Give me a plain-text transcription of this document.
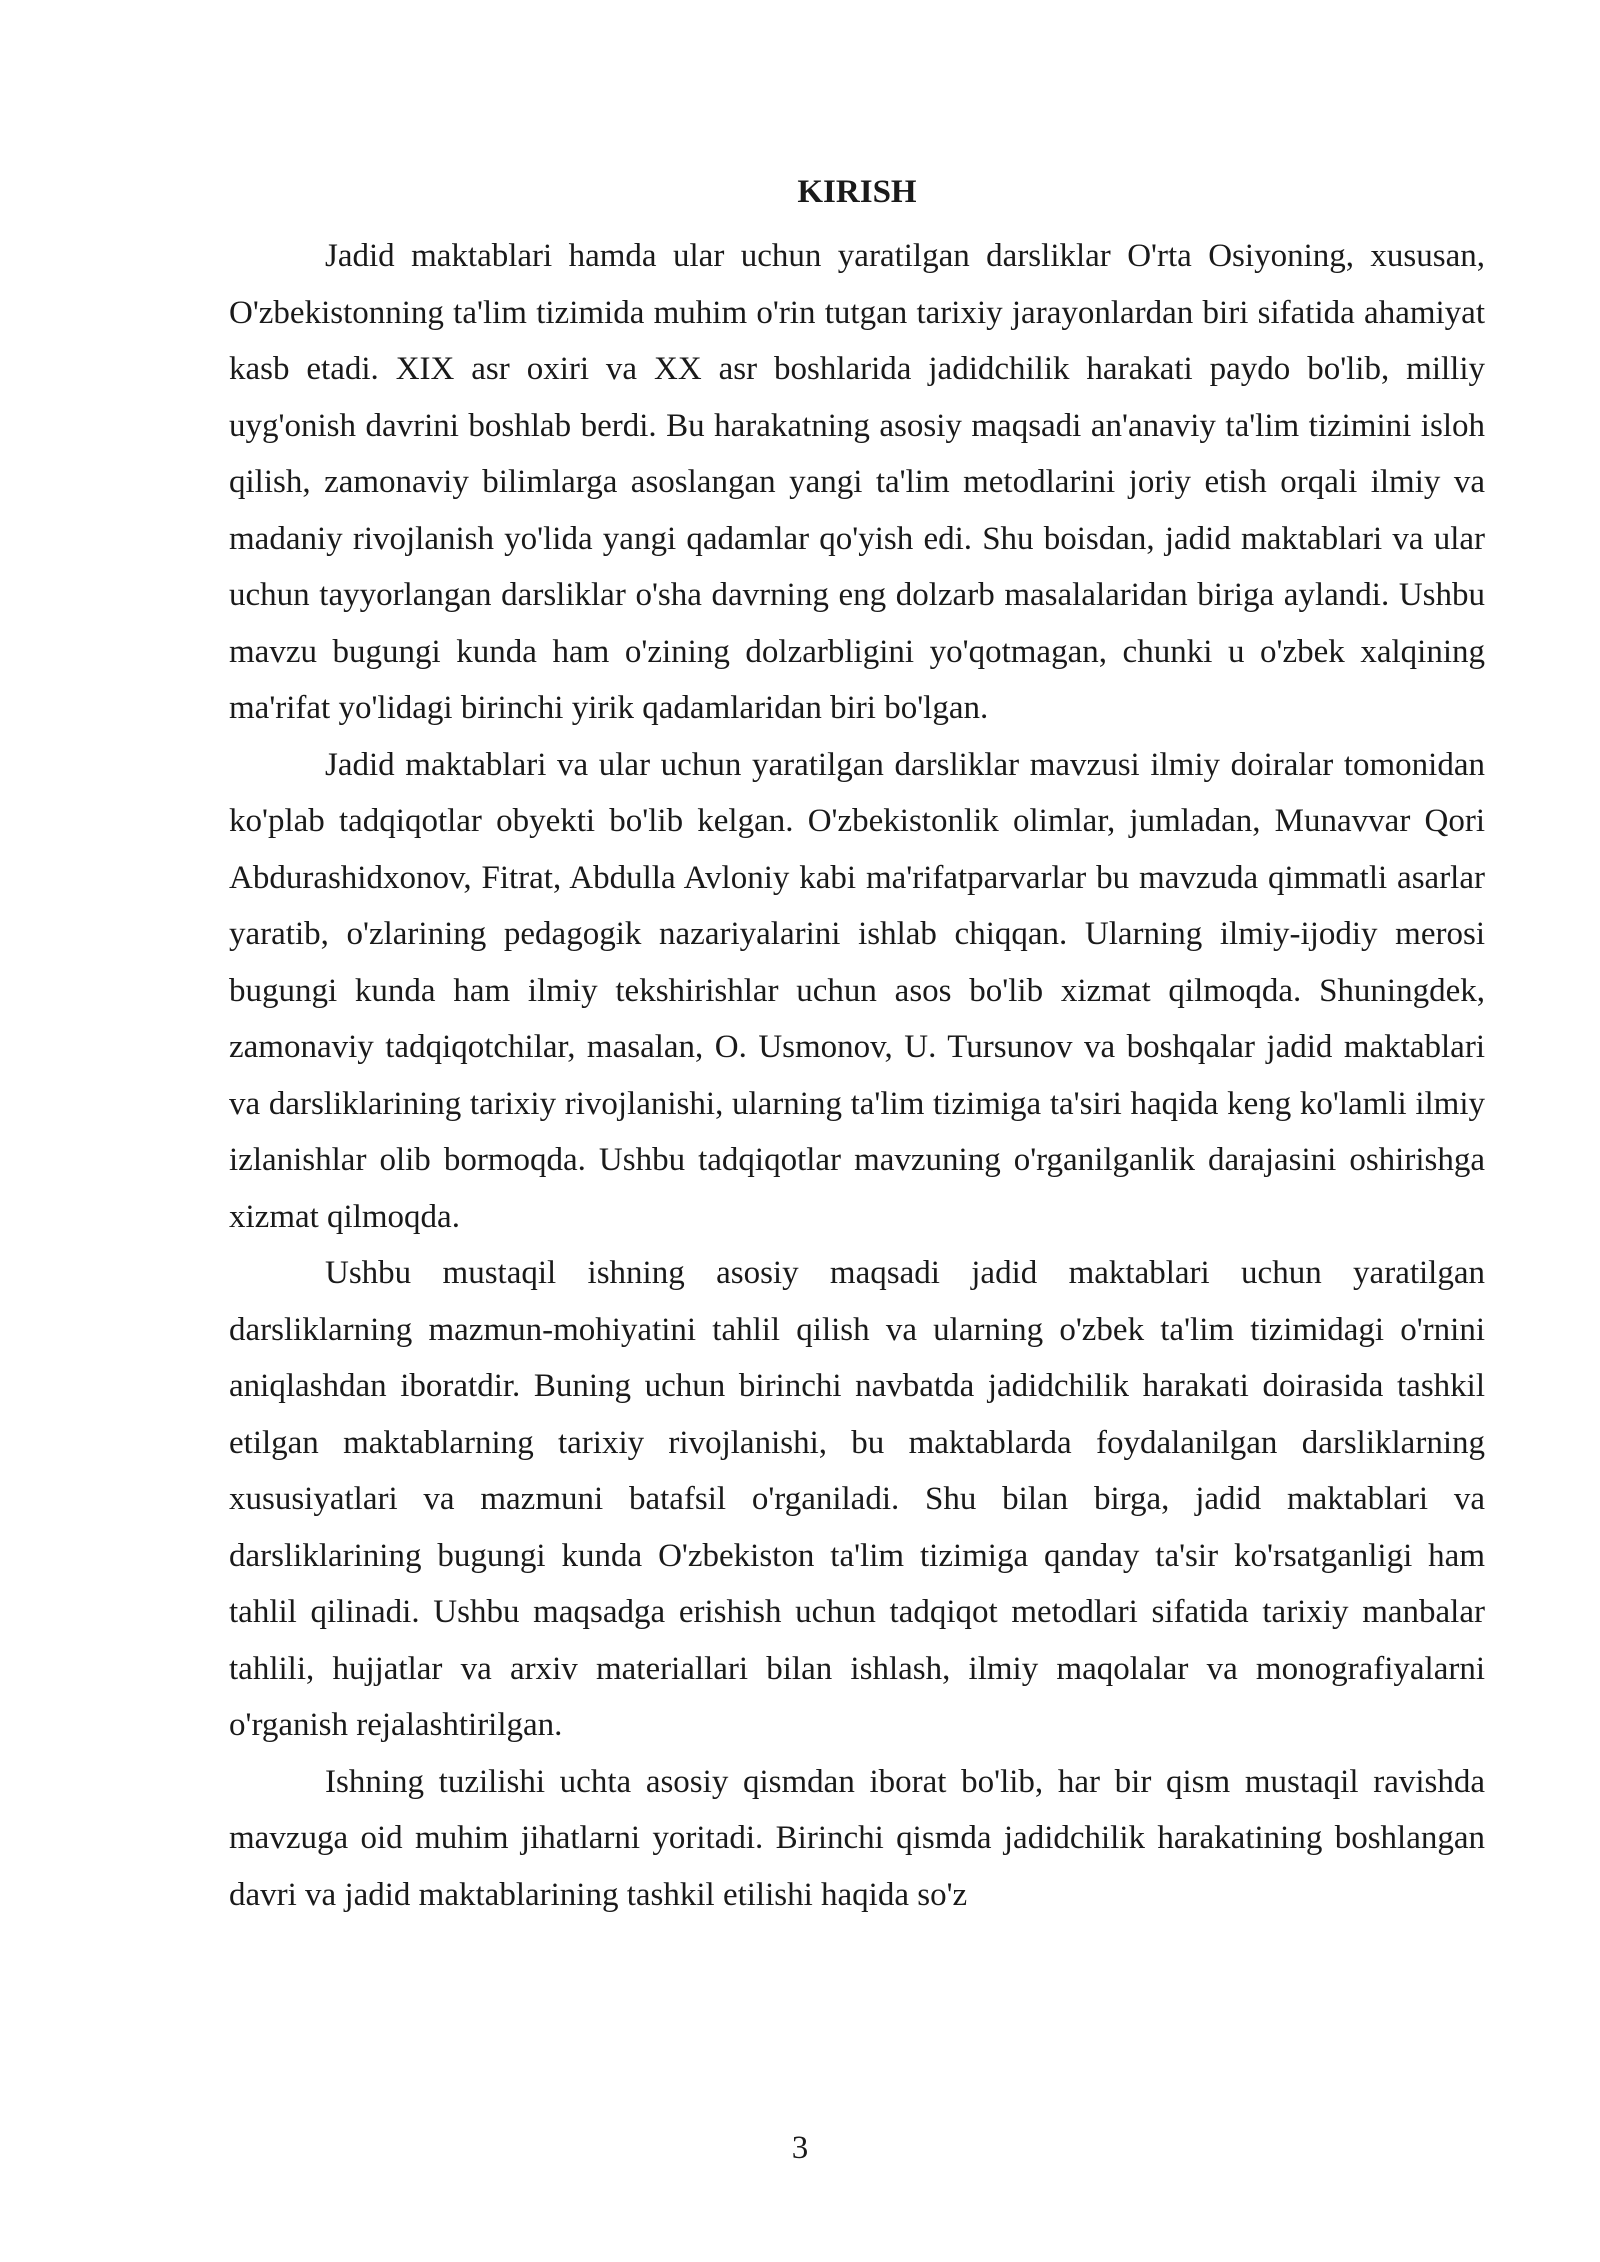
KIRISH

Jadid maktablari hamda ular uchun yaratilgan darsliklar O'rta Osiyoning, xususan, O'zbekistonning ta'lim tizimida muhim o'rin tutgan tarixiy jarayonlardan biri sifatida ahamiyat kasb etadi. XIX asr oxiri va XX asr boshlarida jadidchilik harakati paydo bo'lib, milliy uyg'onish davrini boshlab berdi. Bu harakatning asosiy maqsadi an'anaviy ta'lim tizimini isloh qilish, zamonaviy bilimlarga asoslangan yangi ta'lim metodlarini joriy etish orqali ilmiy va madaniy rivojlanish yo'lida yangi qadamlar qo'yish edi. Shu boisdan, jadid maktablari va ular uchun tayyorlangan darsliklar o'sha davrning eng dolzarb masalalaridan biriga aylandi. Ushbu mavzu bugungi kunda ham o'zining dolzarbligini yo'qotmagan, chunki u o'zbek xalqining ma'rifat yo'lidagi birinchi yirik qadamlaridan biri bo'lgan.

Jadid maktablari va ular uchun yaratilgan darsliklar mavzusi ilmiy doiralar tomonidan ko'plab tadqiqotlar obyekti bo'lib kelgan. O'zbekistonlik olimlar, jumladan, Munavvar Qori Abdurashidxonov, Fitrat, Abdulla Avloniy kabi ma'rifatparvarlar bu mavzuda qimmatli asarlar yaratib, o'zlarining pedagogik nazariyalarini ishlab chiqqan. Ularning ilmiy-ijodiy merosi bugungi kunda ham ilmiy tekshirishlar uchun asos bo'lib xizmat qilmoqda. Shuningdek, zamonaviy tadqiqotchilar, masalan, O. Usmonov, U. Tursunov va boshqalar jadid maktablari va darsliklarining tarixiy rivojlanishi, ularning ta'lim tizimiga ta'siri haqida keng ko'lamli ilmiy izlanishlar olib bormoqda. Ushbu tadqiqotlar mavzuning o'rganilganlik darajasini oshirishga xizmat qilmoqda.

Ushbu mustaqil ishning asosiy maqsadi jadid maktablari uchun yaratilgan darsliklarning mazmun-mohiyatini tahlil qilish va ularning o'zbek ta'lim tizimidagi o'rnini aniqlashdan iboratdir. Buning uchun birinchi navbatda jadidchilik harakati doirasida tashkil etilgan maktablarning tarixiy rivojlanishi, bu maktablarda foydalanilgan darsliklarning xususiyatlari va mazmuni batafsil o'rganiladi. Shu bilan birga, jadid maktablari va darsliklarining bugungi kunda O'zbekiston ta'lim tizimiga qanday ta'sir ko'rsatganligi ham tahlil qilinadi. Ushbu maqsadga erishish uchun tadqiqot metodlari sifatida tarixiy manbalar tahlili, hujjatlar va arxiv materiallari bilan ishlash, ilmiy maqolalar va monografiyalarni o'rganish rejalashtirilgan.

Ishning tuzilishi uchta asosiy qismdan iborat bo'lib, har bir qism mustaqil ravishda mavzuga oid muhim jihatlarni yoritadi. Birinchi qismda jadidchilik harakatining boshlangan davri va jadid maktablarining tashkil etilishi haqida so'z

3
